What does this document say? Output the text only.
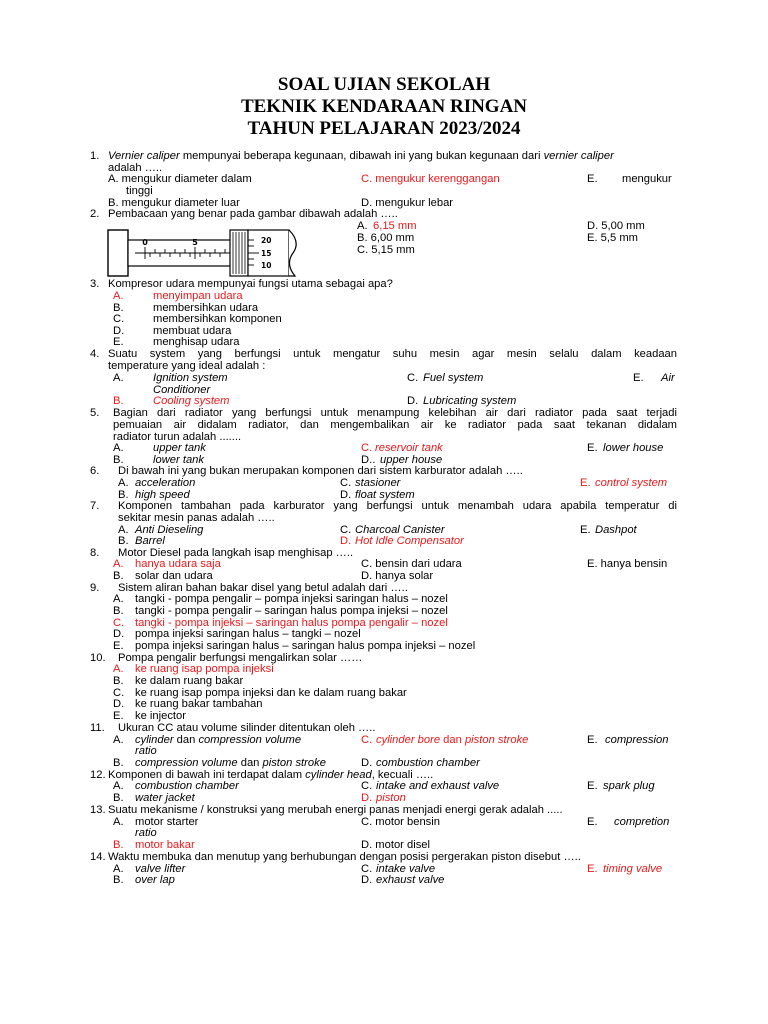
SOAL UJIAN SEKOLAH
TEKNIK KENDARAAN RINGAN
TAHUN PELAJARAN 2023/2024
1. Vernier caliper mempunyai beberapa kegunaan, dibawah ini yang bukan kegunaan dari vernier caliper
adalah …..
A. mengukur diameter dalam	C. mengukur kerenggangan	E. mengukur
tinggi
B. mengukur diameter luar	D. mengukur lebar
2. Pembacaan yang benar pada gambar dibawah adalah …..
A. 6,15 mm	D. 5,00 mm
B. 6,00 mm	E. 5,5 mm
C. 5,15 mm
0	5	20
15
10
3. Kompresor udara mempunyai fungsi utama sebagai apa?
A.	menyimpan udara
B.	membersihkan udara
C.	membersihkan komponen
D.	membuat udara
E.	menghisap udara
4. Suatu system yang berfungsi untuk mengatur suhu mesin agar mesin selalu dalam keadaan
temperature yang ideal adalah :
A.	Ignition system	C. Fuel system	E. Air
Conditioner
B.	Cooling system	D. Lubricating system
5. Bagian dari radiator yang berfungsi untuk menampung kelebihan air dari radiator pada saat terjadi
pemuaian air didalam radiator, dan mengembalikan air ke radiator pada saat tekanan didalam
radiator turun adalah .......
A.	upper tank	C. reservoir tank	E. lower house
B.	lower tank	D.. upper house
6. Di bawah ini yang bukan merupakan komponen dari sistem karburator adalah …..
A. acceleration	C. stasioner	E. control system
B. high speed	D. float system
7. Komponen tambahan pada karburator yang berfungsi untuk menambah udara apabila temperatur di
sekitar mesin panas adalah …..
A. Anti Dieseling	C. Charcoal Canister	E. Dashpot
B. Barrel	D. Hot Idle Compensator
8. Motor Diesel pada langkah isap menghisap …..
A. hanya udara saja	C. bensin dari udara	E. hanya bensin
B. solar dan udara	D. hanya solar
9. Sistem aliran bahan bakar disel yang betul adalah dari …..
A. tangki - pompa pengalir – pompa injeksi saringan halus – nozel
B. tangki - pompa pengalir – saringan halus pompa injeksi – nozel
C. tangki - pompa injeksi – saringan halus pompa pengalir – nozel
D. pompa injeksi saringan halus – tangki – nozel
E. pompa injeksi saringan halus – saringan halus pompa injeksi – nozel
10. Pompa pengalir berfungsi mengalirkan solar ……
A. ke ruang isap pompa injeksi
B. ke dalam ruang bakar
C. ke ruang isap pompa injeksi dan ke dalam ruang bakar
D. ke ruang bakar tambahan
E. ke injector
11. Ukuran CC atau volume silinder ditentukan oleh …..
A. cylinder dan compression volume	C. cylinder bore dan piston stroke	E. compression
ratio
B. compression volume dan piston stroke	D. combustion chamber
12. Komponen di bawah ini terdapat dalam cylinder head, kecuali …..
A. combustion chamber	C. intake and exhaust valve	E. spark plug
B. water jacket	D. piston
13. Suatu mekanisme / konstruksi yang merubah energi panas menjadi energi gerak adalah .....
A. motor starter	C. motor bensin	E. compretion
ratio
B. motor bakar	D. motor disel
14. Waktu membuka dan menutup yang berhubungan dengan posisi pergerakan piston disebut …..
A. valve lifter	C. intake valve	E. timing valve
B. over lap	D. exhaust valve
